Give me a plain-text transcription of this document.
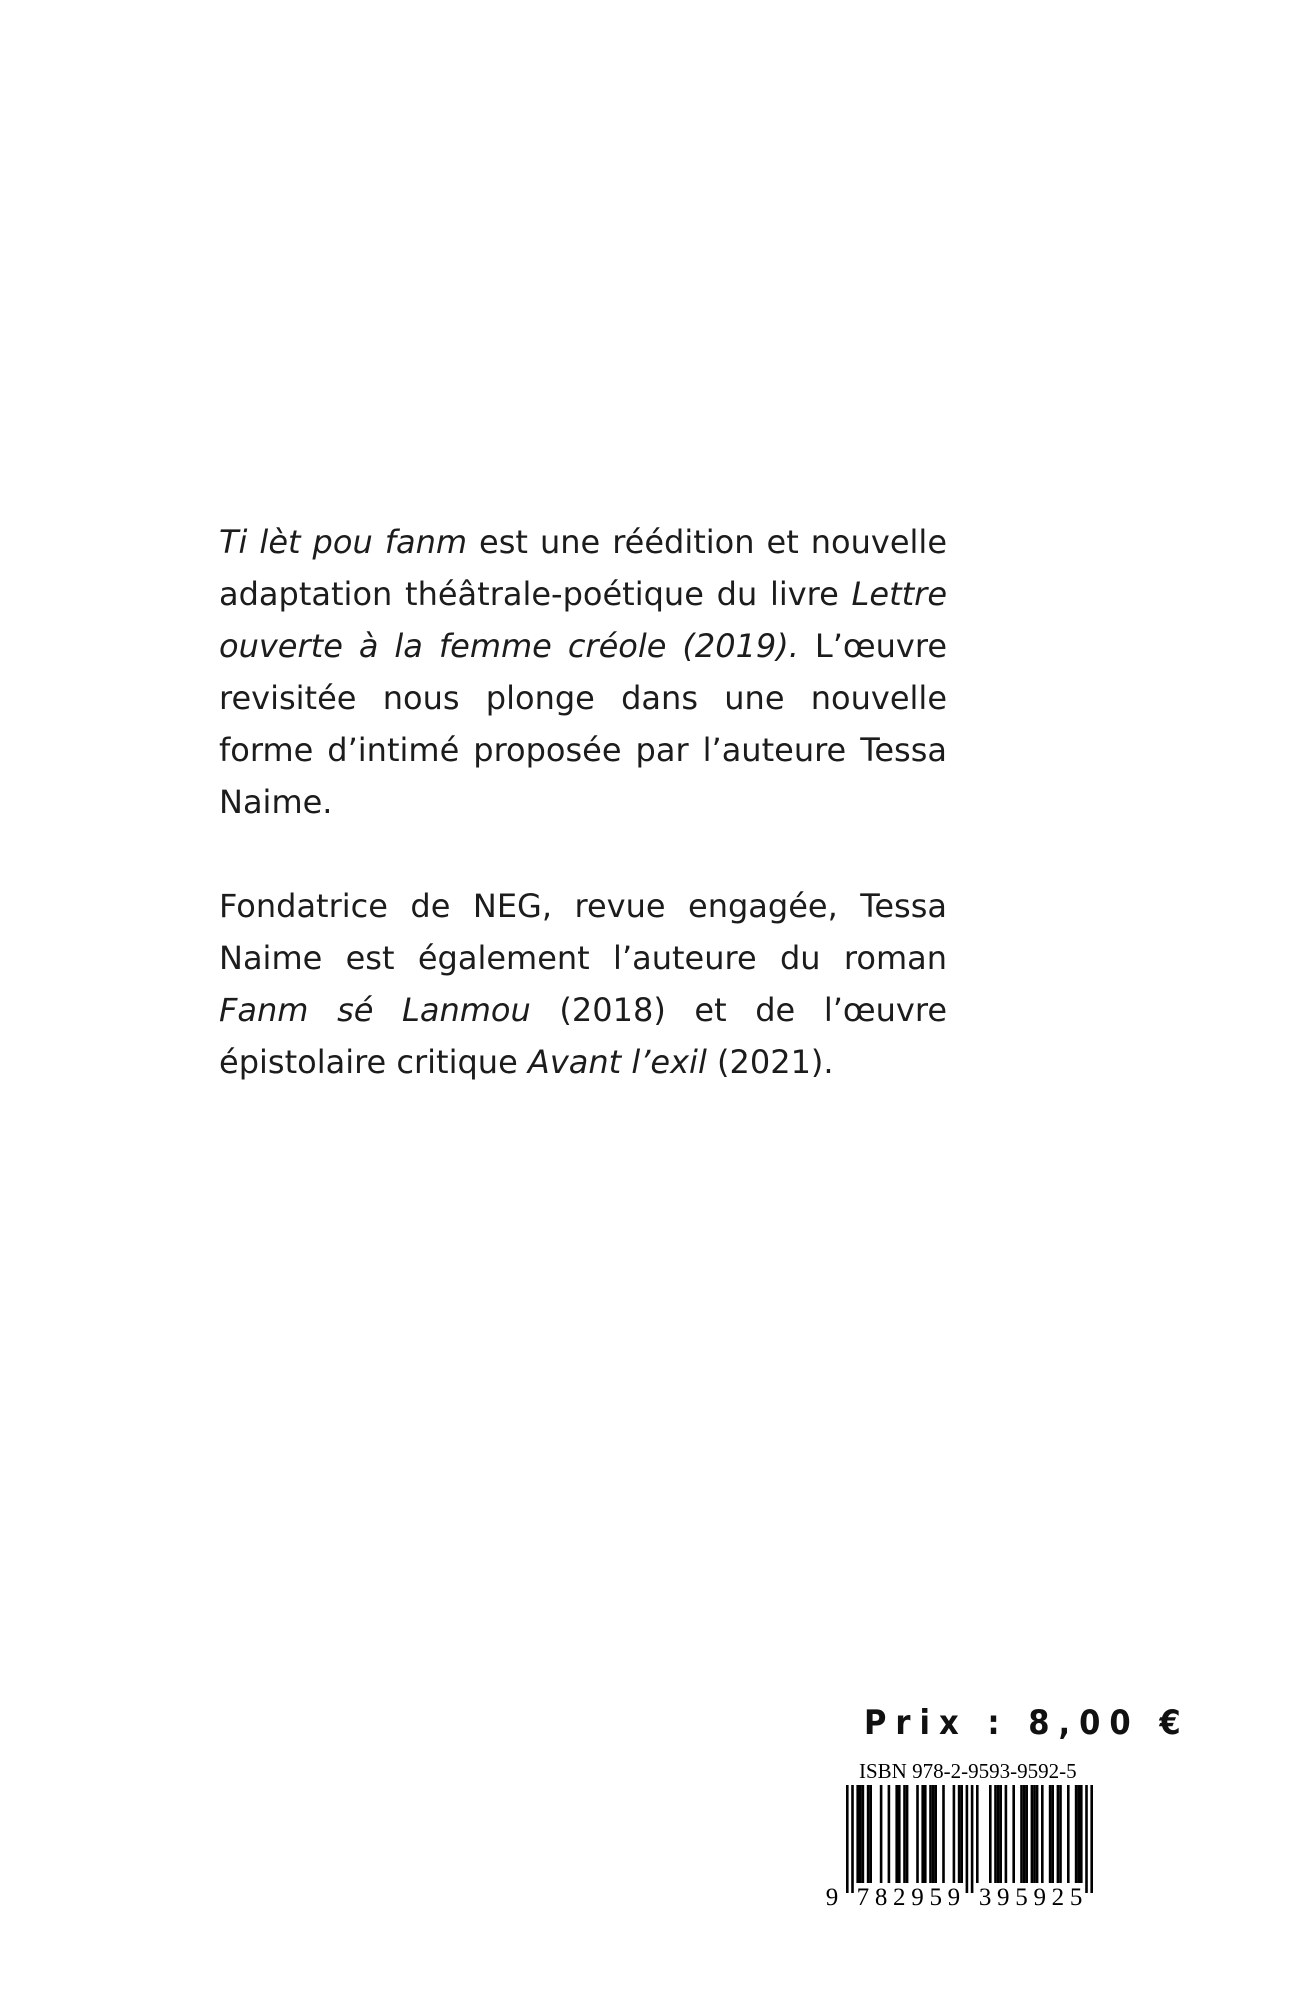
Ti lèt pou fanm est une réédition et nouvelle adaptation théâtrale-poétique du livre Lettre ouverte à la femme créole (2019). L’œuvre revisitée nous plonge dans une nouvelle forme d’intimé proposée par l’auteure Tessa Naime.

Fondatrice de NEG, revue engagée, Tessa Naime est également l’auteure du roman Fanm sé Lanmou (2018) et de l’œuvre épistolaire critique Avant l’exil (2021).

Prix : 8,00 €
ISBN 978-2-9593-9592-5
9 7 8 2 9 5 9 3 9 5 9 2 5
